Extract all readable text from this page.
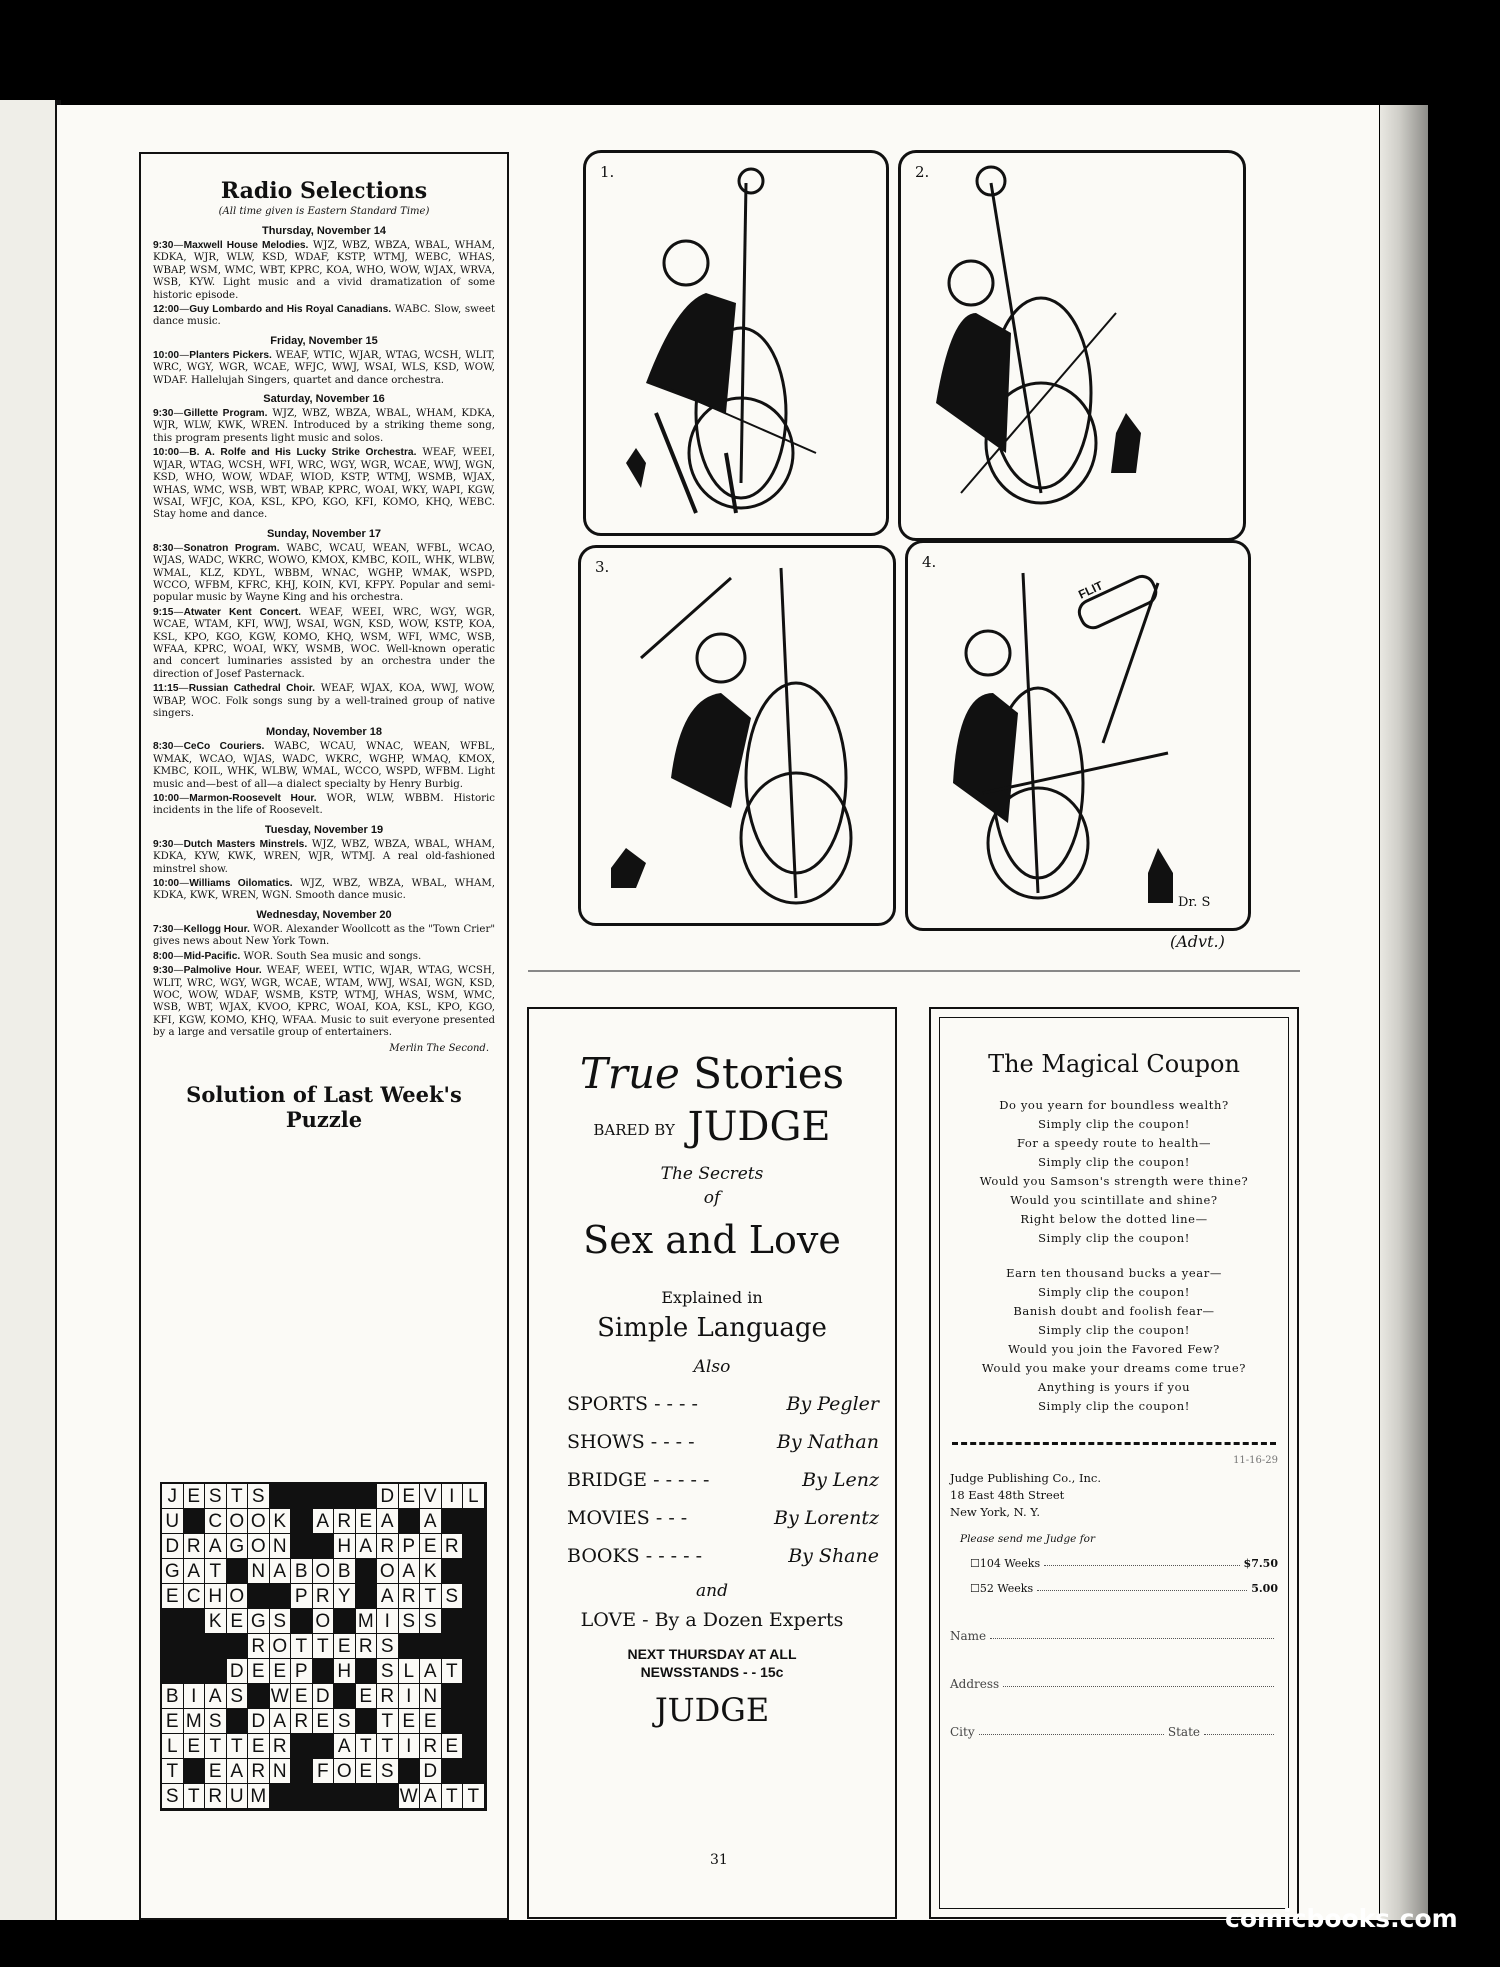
Radio Selections
(All time given is Eastern Standard Time)
Thursday, November 14
9:30—Maxwell House Melodies. WJZ, WBZ, WBZA, WBAL, WHAM, KDKA, WJR, WLW, KSD, WDAF, KSTP, WTMJ, WEBC, WHAS, WBAP, WSM, WMC, WBT, KPRC, KOA, WHO, WOW, WJAX, WRVA, WSB, KYW. Light music and a vivid dramatization of some historic episode.
12:00—Guy Lombardo and His Royal Canadians. WABC. Slow, sweet dance music.
Friday, November 15
10:00—Planters Pickers. WEAF, WTIC, WJAR, WTAG, WCSH, WLIT, WRC, WGY, WGR, WCAE, WFJC, WWJ, WSAI, WLS, KSD, WOW, WDAF. Hallelujah Singers, quartet and dance orchestra.
Saturday, November 16
9:30—Gillette Program. WJZ, WBZ, WBZA, WBAL, WHAM, KDKA, WJR, WLW, KWK, WREN. Introduced by a striking theme song, this program presents light music and solos.
10:00—B. A. Rolfe and His Lucky Strike Orchestra. WEAF, WEEI, WJAR, WTAG, WCSH, WFI, WRC, WGY, WGR, WCAE, WWJ, WGN, KSD, WHO, WOW, WDAF, WIOD, KSTP, WTMJ, WSMB, WJAX, WHAS, WMC, WSB, WBT, WBAP, KPRC, WOAI, WKY, WAPI, KGW, WSAI, WFJC, KOA, KSL, KPO, KGO, KFI, KOMO, KHQ, WEBC. Stay home and dance.
Sunday, November 17
8:30—Sonatron Program. WABC, WCAU, WEAN, WFBL, WCAO, WJAS, WADC, WKRC, WOWO, KMOX, KMBC, KOIL, WHK, WLBW, WMAL, KLZ, KDYL, WBBM, WNAC, WGHP, WMAK, WSPD, WCCO, WFBM, KFRC, KHJ, KOIN, KVI, KFPY. Popular and semi-popular music by Wayne King and his orchestra.
9:15—Atwater Kent Concert. WEAF, WEEI, WRC, WGY, WGR, WCAE, WTAM, KFI, WWJ, WSAI, WGN, KSD, WOW, KSTP, KOA, KSL, KPO, KGO, KGW, KOMO, KHQ, WSM, WFI, WMC, WSB, WFAA, KPRC, WOAI, WKY, WSMB, WOC. Well-known operatic and concert luminaries assisted by an orchestra under the direction of Josef Pasternack.
11:15—Russian Cathedral Choir. WEAF, WJAX, KOA, WWJ, WOW, WBAP, WOC. Folk songs sung by a well-trained group of native singers.
Monday, November 18
8:30—CeCo Couriers. WABC, WCAU, WNAC, WEAN, WFBL, WMAK, WCAO, WJAS, WADC, WKRC, WGHP, WMAQ, KMOX, KMBC, KOIL, WHK, WLBW, WMAL, WCCO, WSPD, WFBM. Light music and—best of all—a dialect specialty by Henry Burbig.
10:00—Marmon-Roosevelt Hour. WOR, WLW, WBBM. Historic incidents in the life of Roosevelt.
Tuesday, November 19
9:30—Dutch Masters Minstrels. WJZ, WBZ, WBZA, WBAL, WHAM, KDKA, KYW, KWK, WREN, WJR, WTMJ. A real old-fashioned minstrel show.
10:00—Williams Oilomatics. WJZ, WBZ, WBZA, WBAL, WHAM, KDKA, KWK, WREN, WGN. Smooth dance music.
Wednesday, November 20
7:30—Kellogg Hour. WOR. Alexander Woollcott as the "Town Crier" gives news about New York Town.
8:00—Mid-Pacific. WOR. South Sea music and songs.
9:30—Palmolive Hour. WEAF, WEEI, WTIC, WJAR, WTAG, WCSH, WLIT, WRC, WGY, WGR, WCAE, WTAM, WWJ, WSAI, WGN, KSD, WOC, WOW, WDAF, WSMB, KSTP, WTMJ, WHAS, WSM, WMC, WSB, WBT, WJAX, KVOO, KPRC, WOAI, KOA, KSL, KPO, KGO, KFI, KGW, KOMO, KHQ, WFAA. Music to suit everyone presented by a large and versatile group of entertainers.
Merlin The Second.
Solution of Last Week's Puzzle
J E S T S	D E V I L
U C O O K A R E A A
D R A G O N	H A R P E R
G A T N A B O B O A K
E C H O	P R Y A R T S
K E G S O M I S S
R O T T E R S
D E E P H S L A T
B I A S W E D E R I N
E M S D A R E S T E E
L E T T E R	A T T I R E
T E A R N F O E S D
S T R U M	W A T T
1.	2.
3.	4.
FLIT
Dr. S
(Advt.)
True Stories
BARED BY JUDGE
The Secrets
of
Sex and Love
Explained in
Simple Language
Also
SPORTS - - - -	By Pegler
SHOWS - - - -	By Nathan
BRIDGE - - - - -	By Lenz
MOVIES - - -	By Lorentz
BOOKS - - - - -	By Shane
and
LOVE - By a Dozen Experts
NEXT THURSDAY AT ALL
NEWSSTANDS - - 15c
JUDGE
The Magical Coupon
Do you yearn for boundless wealth?
Simply clip the coupon!
For a speedy route to health—
Simply clip the coupon!
Would you Samson's strength were thine?
Would you scintillate and shine?
Right below the dotted line—
Simply clip the coupon!
Earn ten thousand bucks a year—
Simply clip the coupon!
Banish doubt and foolish fear—
Simply clip the coupon!
Would you join the Favored Few?
Would you make your dreams come true?
Anything is yours if you
Simply clip the coupon!
11-16-29
Judge Publishing Co., Inc.
18 East 48th Street
New York, N. Y.
Please send me Judge for
☐ 104 Weeks	$7.50
☐ 52 Weeks	5.00
Name
Address
City	State
31
comicbooks.com
